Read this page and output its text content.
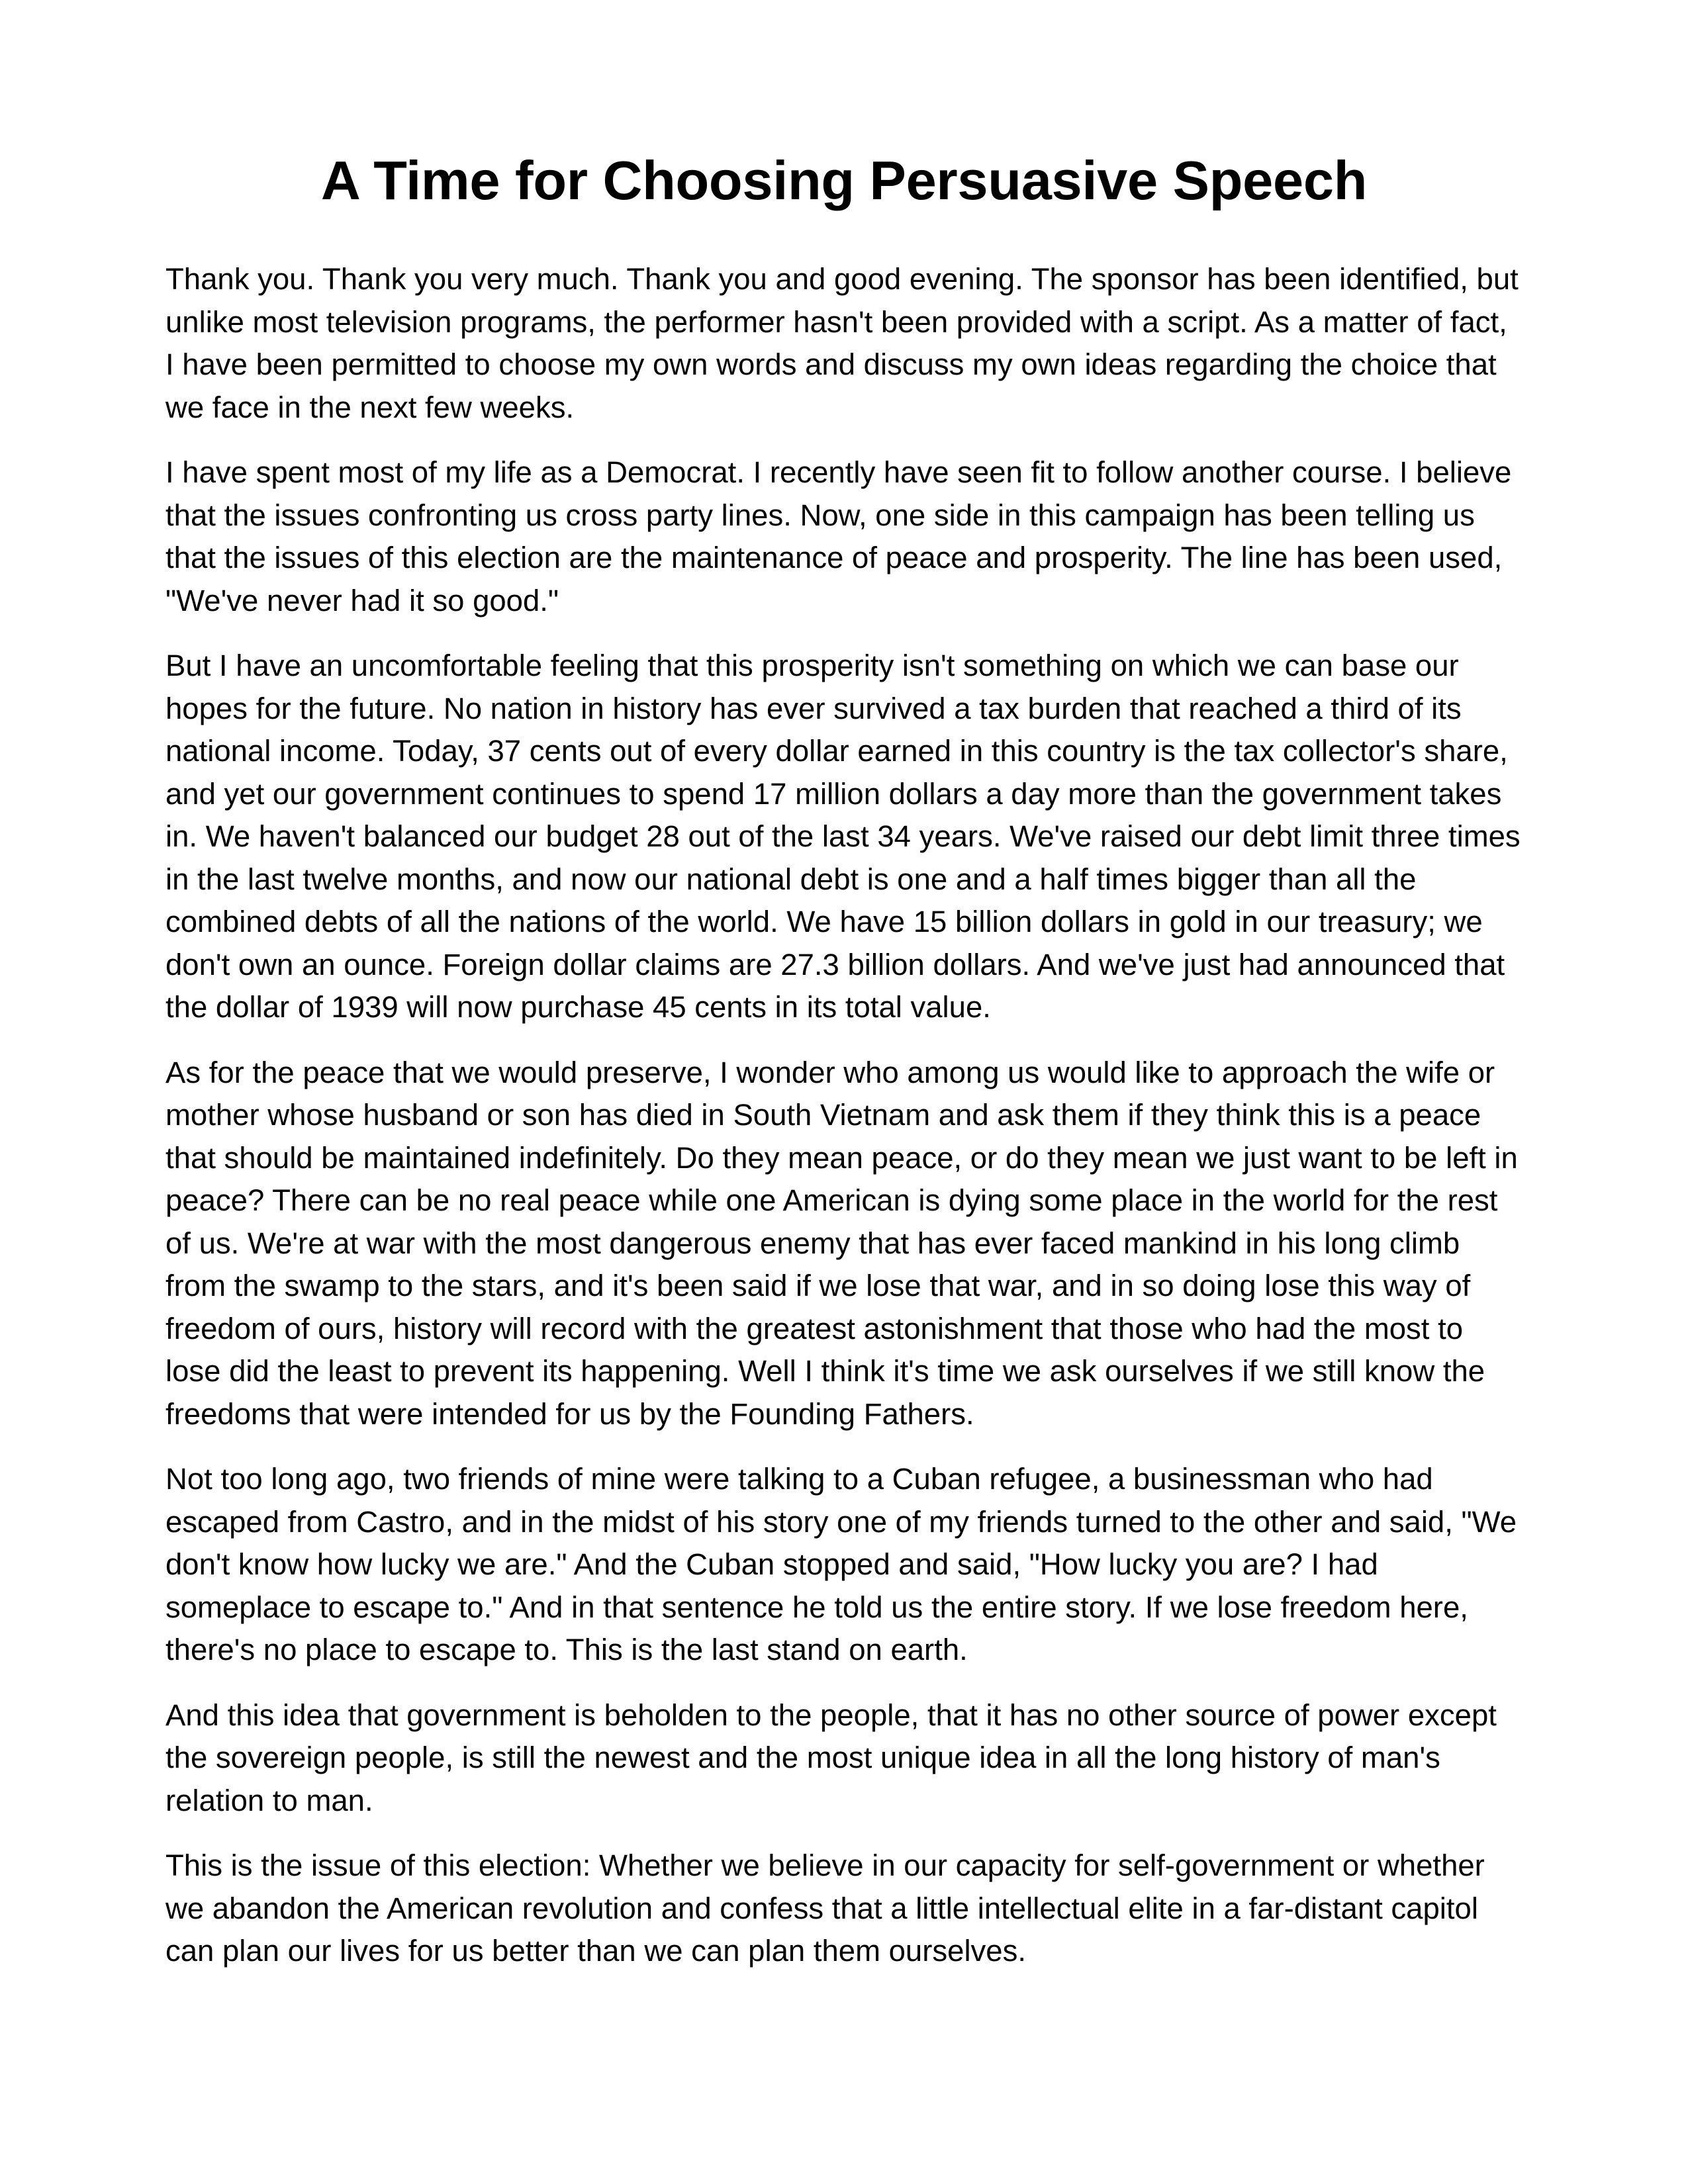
A Time for Choosing Persuasive Speech

Thank you. Thank you very much. Thank you and good evening. The sponsor has been identified, but unlike most television programs, the performer hasn't been provided with a script. As a matter of fact, I have been permitted to choose my own words and discuss my own ideas regarding the choice that we face in the next few weeks.

I have spent most of my life as a Democrat. I recently have seen fit to follow another course. I believe that the issues confronting us cross party lines. Now, one side in this campaign has been telling us that the issues of this election are the maintenance of peace and prosperity. The line has been used, "We've never had it so good."

But I have an uncomfortable feeling that this prosperity isn't something on which we can base our hopes for the future. No nation in history has ever survived a tax burden that reached a third of its national income. Today, 37 cents out of every dollar earned in this country is the tax collector's share, and yet our government continues to spend 17 million dollars a day more than the government takes in. We haven't balanced our budget 28 out of the last 34 years. We've raised our debt limit three times in the last twelve months, and now our national debt is one and a half times bigger than all the combined debts of all the nations of the world. We have 15 billion dollars in gold in our treasury; we don't own an ounce. Foreign dollar claims are 27.3 billion dollars. And we've just had announced that the dollar of 1939 will now purchase 45 cents in its total value.

As for the peace that we would preserve, I wonder who among us would like to approach the wife or mother whose husband or son has died in South Vietnam and ask them if they think this is a peace that should be maintained indefinitely. Do they mean peace, or do they mean we just want to be left in peace? There can be no real peace while one American is dying some place in the world for the rest of us. We're at war with the most dangerous enemy that has ever faced mankind in his long climb from the swamp to the stars, and it's been said if we lose that war, and in so doing lose this way of freedom of ours, history will record with the greatest astonishment that those who had the most to lose did the least to prevent its happening. Well I think it's time we ask ourselves if we still know the freedoms that were intended for us by the Founding Fathers.

Not too long ago, two friends of mine were talking to a Cuban refugee, a businessman who had escaped from Castro, and in the midst of his story one of my friends turned to the other and said, "We don't know how lucky we are." And the Cuban stopped and said, "How lucky you are? I had someplace to escape to." And in that sentence he told us the entire story. If we lose freedom here, there's no place to escape to. This is the last stand on earth.

And this idea that government is beholden to the people, that it has no other source of power except the sovereign people, is still the newest and the most unique idea in all the long history of man's relation to man.

This is the issue of this election: Whether we believe in our capacity for self-government or whether we abandon the American revolution and confess that a little intellectual elite in a far-distant capitol can plan our lives for us better than we can plan them ourselves.
